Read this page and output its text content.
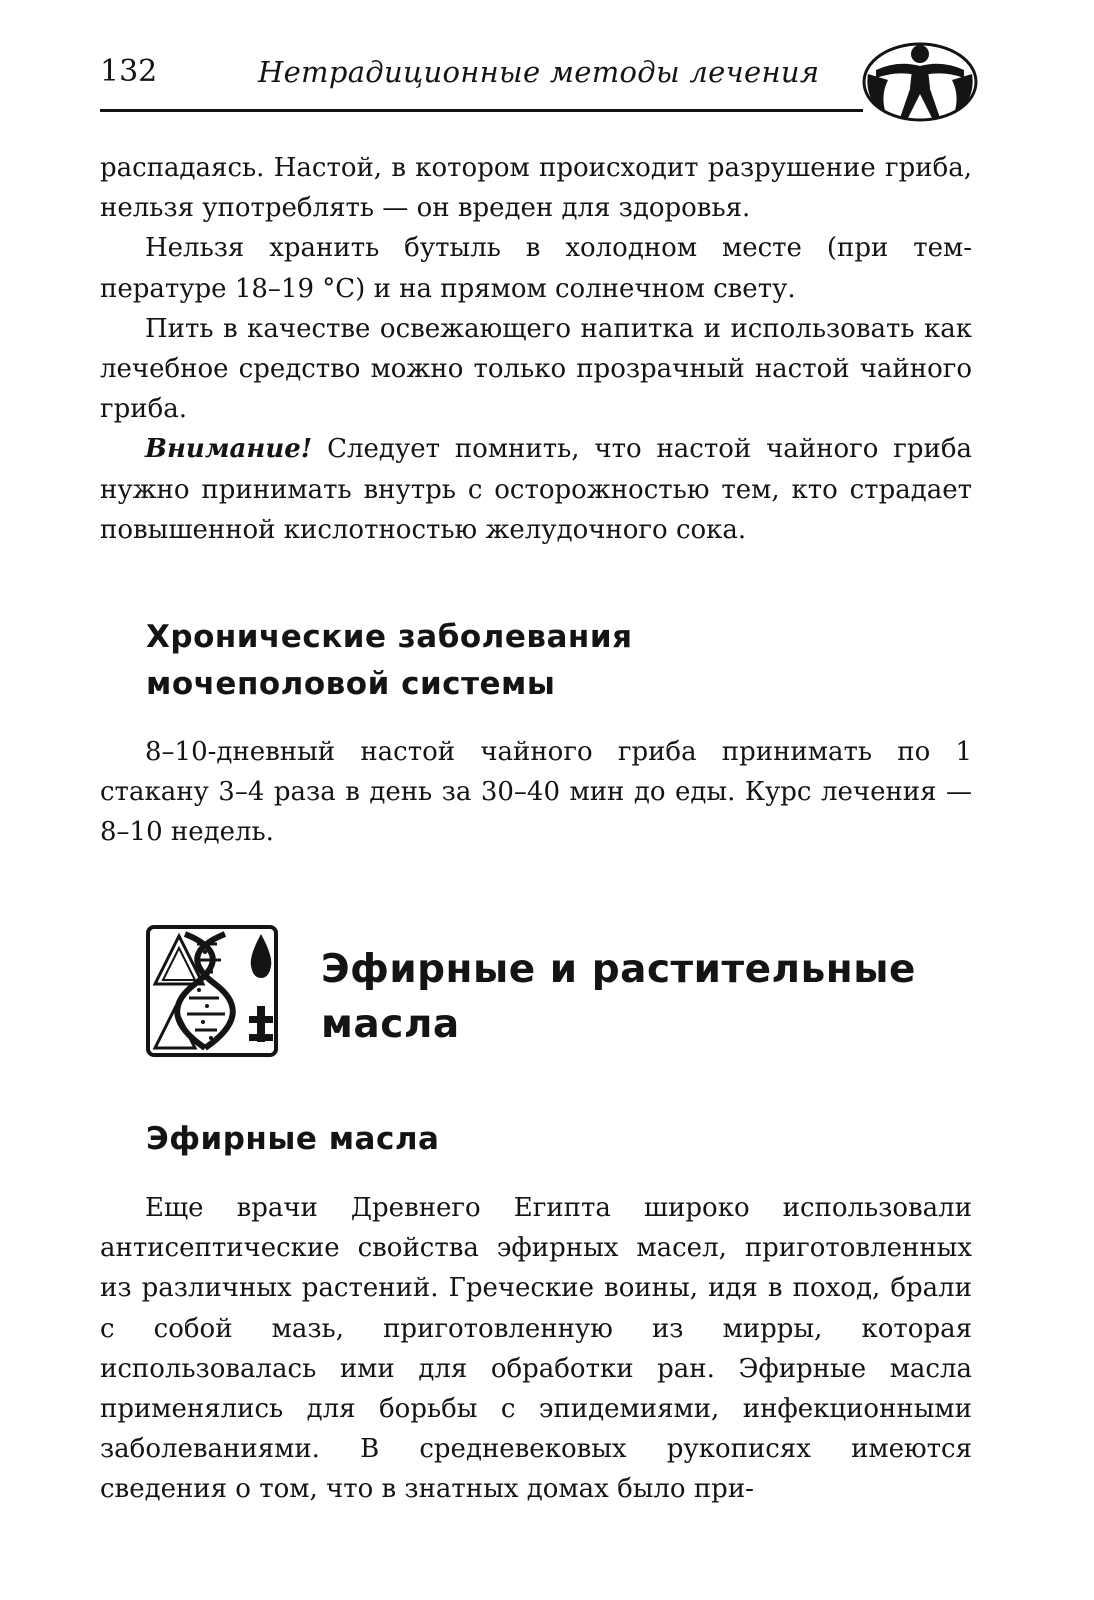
132	Нетрадиционные методы лечения

распадаясь. Настой, в котором происходит разрушение гриба, нельзя употреблять — он вреден для здоровья.

Нельзя хранить бутыль в холодном месте (при температуре 18–19 °С) и на прямом солнечном свету.

Пить в качестве освежающего напитка и использовать как лечебное средство можно только прозрачный настой чайного гриба.

Внимание! Следует помнить, что настой чайного гриба нужно принимать внутрь с осторожностью тем, кто страдает повышенной кислотностью желудочного сока.

Хронические заболевания
мочеполовой системы

8–10-дневный настой чайного гриба принимать по 1 стакану 3–4 раза в день за 30–40 мин до еды. Курс лечения — 8–10 недель.

Эфирные и растительные
масла
Эфирные масла

Еще врачи Древнего Египта широко использовали антисептические свойства эфирных масел, приготовленных из различных растений. Греческие воины, идя в поход, брали с собой мазь, приготовленную из мирры, которая использовалась ими для обработки ран. Эфирные масла применялись для борьбы с эпидемиями, инфекционными заболеваниями. В средневековых рукописях имеются сведения о том, что в знатных домах было при-
